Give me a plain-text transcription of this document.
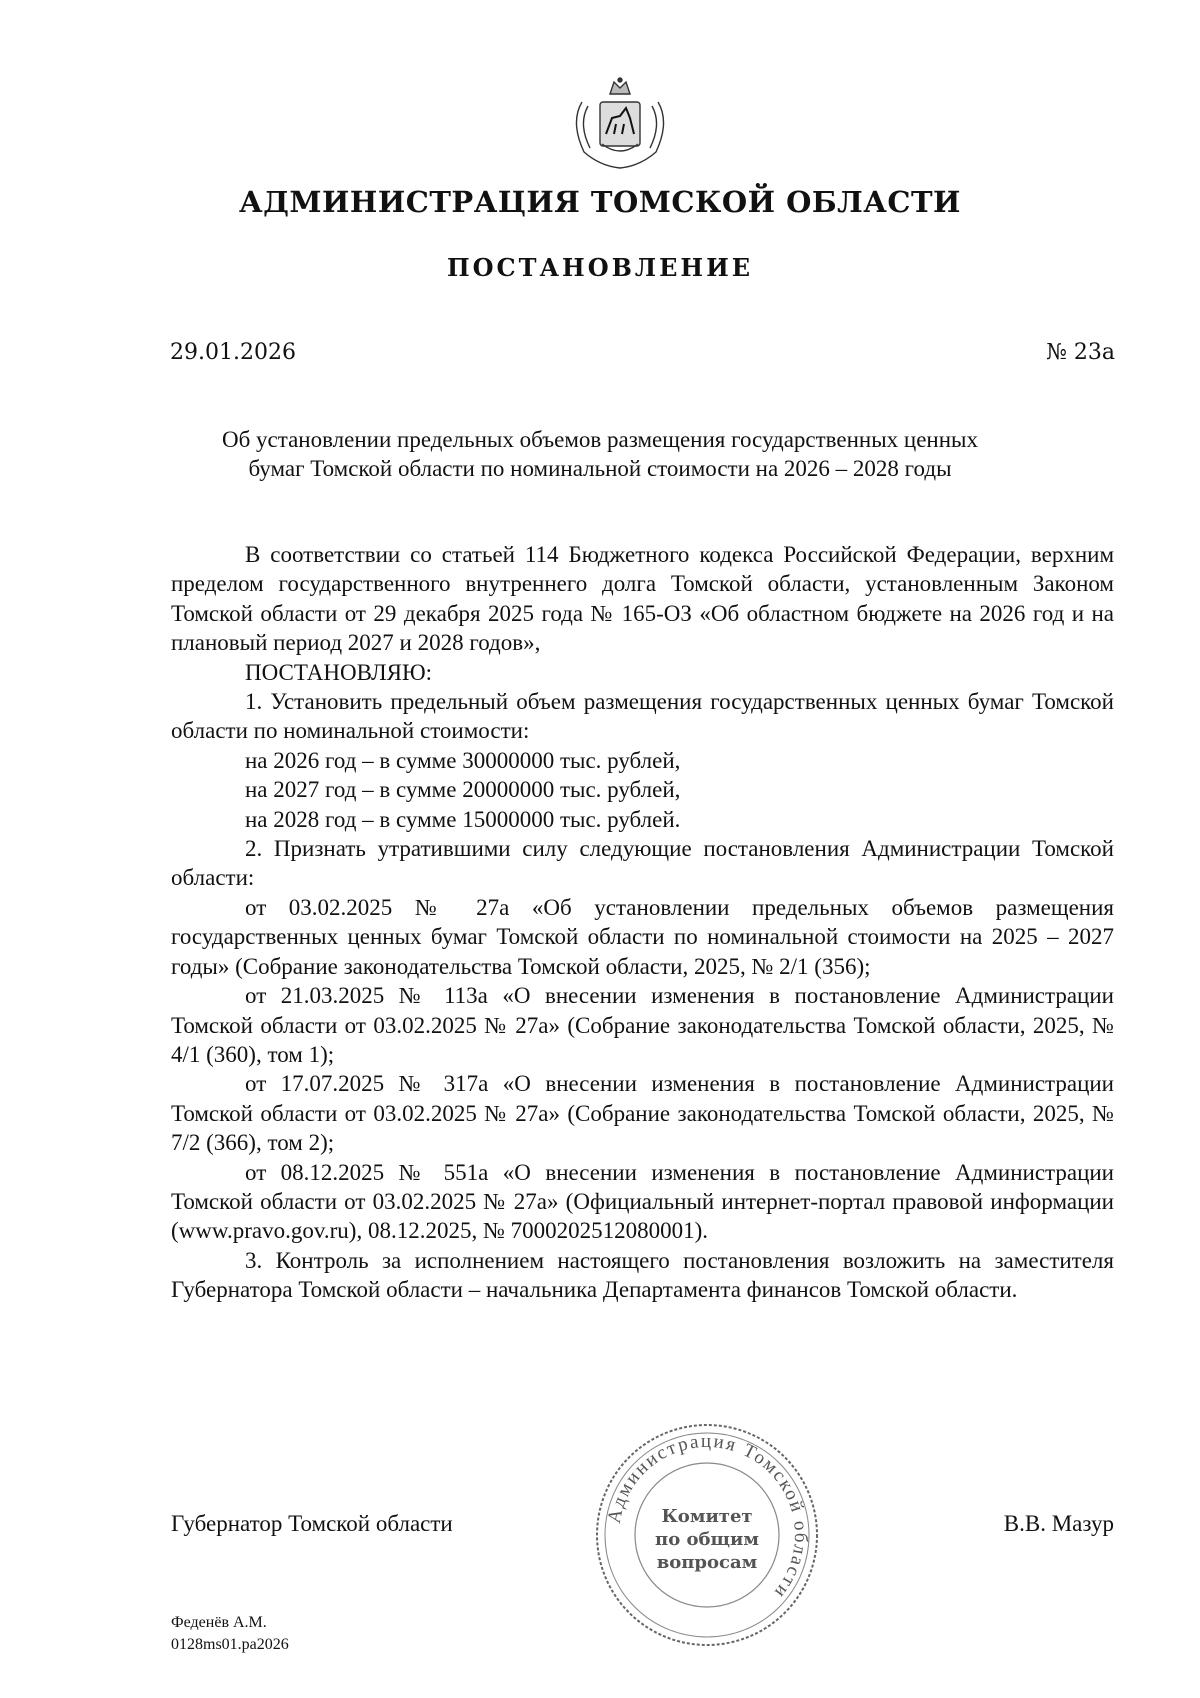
АДМИНИСТРАЦИЯ ТОМСКОЙ ОБЛАСТИ
ПОСТАНОВЛЕНИЕ
29.01.2026	№ 23а
Об установлении предельных объемов размещения государственных ценных
бумаг Томской области по номинальной стоимости на 2026 – 2028 годы

В соответствии со статьей 114 Бюджетного кодекса Российской Федерации, верхним пределом государственного внутреннего долга Томской области, установленным Законом Томской области от 29 декабря 2025 года № 165-ОЗ «Об областном бюджете на 2026 год и на плановый период 2027 и 2028 годов»,

ПОСТАНОВЛЯЮ:

1. Установить предельный объем размещения государственных ценных бумаг Томской области по номинальной стоимости:

на 2026 год – в сумме 30000000 тыс. рублей,

на 2027 год – в сумме 20000000 тыс. рублей,

на 2028 год – в сумме 15000000 тыс. рублей.

2. Признать утратившими силу следующие постановления Администрации Томской области:

от 03.02.2025 № 27а «Об установлении предельных объемов размещения государственных ценных бумаг Томской области по номинальной стоимости на 2025 – 2027 годы» (Собрание законодательства Томской области, 2025, № 2/1 (356);

от 21.03.2025 № 113а «О внесении изменения в постановление Администрации Томской области от 03.02.2025 № 27а» (Собрание законодательства Томской области, 2025, № 4/1 (360), том 1);

от 17.07.2025 № 317а «О внесении изменения в постановление Администрации Томской области от 03.02.2025 № 27а» (Собрание законодательства Томской области, 2025, № 7/2 (366), том 2);

от 08.12.2025 № 551а «О внесении изменения в постановление Администрации Томской области от 03.02.2025 № 27а» (Официальный интернет-портал правовой информации (www.pravo.gov.ru), 08.12.2025, № 7000202512080001).

3. Контроль за исполнением настоящего постановления возложить на заместителя Губернатора Томской области – начальника Департамента финансов Томской области.

Губернатор Томской области	В.В. Мазур
Администрация Томской области
Комитет
по общим
вопросам
Феденёв А.М.
0128ms01.pa2026
